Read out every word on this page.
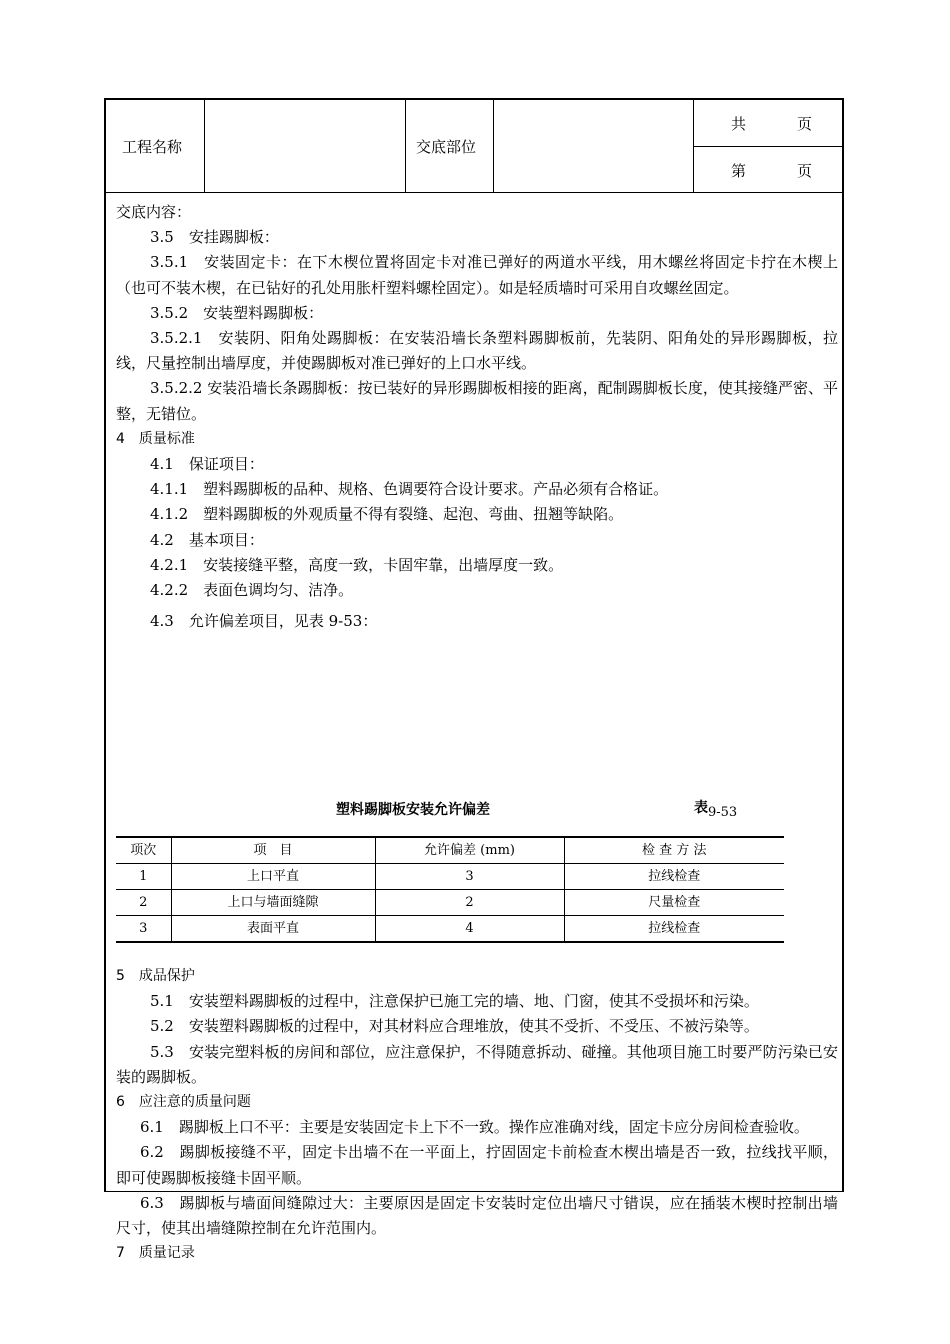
工程名称	交底部位
共	页
第	页

交底内容：

3.5　安挂踢脚板：

3.5.1　安装固定卡：在下木楔位置将固定卡对准已弹好的两道水平线，用木螺丝将固定卡拧在木楔上（也可不装木楔，在已钻好的孔处用胀杆塑料螺栓固定）。如是轻质墙时可采用自攻螺丝固定。

3.5.2　安装塑料踢脚板：

3.5.2.1　安装阴、阳角处踢脚板：在安装沿墙长条塑料踢脚板前，先装阴、阳角处的异形踢脚板，拉线，尺量控制出墙厚度，并使踢脚板对准已弹好的上口水平线。

3.5.2.2 安装沿墙长条踢脚板：按已装好的异形踢脚板相接的距离，配制踢脚板长度，使其接缝严密、平整，无错位。

4　质量标准

4.1　保证项目：

4.1.1　塑料踢脚板的品种、规格、色调要符合设计要求。产品必须有合格证。

4.1.2　塑料踢脚板的外观质量不得有裂缝、起泡、弯曲、扭翘等缺陷。

4.2　基本项目：

4.2.1　安装接缝平整，高度一致，卡固牢靠，出墙厚度一致。

4.2.2　表面色调均匀、洁净。

4.3　允许偏差项目，见表 9-53：

塑料踢脚板安装允许偏差	表9-53
项次	项　目	允许偏差 (mm)	检 查 方 法
1	上口平直	3	拉线检查
2	上口与墙面缝隙	2	尺量检查
3	表面平直	4	拉线检查

5　成品保护

5.1　安装塑料踢脚板的过程中，注意保护已施工完的墙、地、门窗，使其不受损坏和污染。

5.2　安装塑料踢脚板的过程中，对其材料应合理堆放，使其不受折、不受压、不被污染等。

5.3　安装完塑料板的房间和部位，应注意保护，不得随意拆动、碰撞。其他项目施工时要严防污染已安装的踢脚板。

6　应注意的质量问题

6.1　踢脚板上口不平：主要是安装固定卡上下不一致。操作应准确对线，固定卡应分房间检查验收。

6.2　踢脚板接缝不平，固定卡出墙不在一平面上，拧固固定卡前检查木楔出墙是否一致，拉线找平顺，即可使踢脚板接缝卡固平顺。

6.3　踢脚板与墙面间缝隙过大：主要原因是固定卡安装时定位出墙尺寸错误，应在插装木楔时控制出墙尺寸，使其出墙缝隙控制在允许范围内。

7　质量记录
